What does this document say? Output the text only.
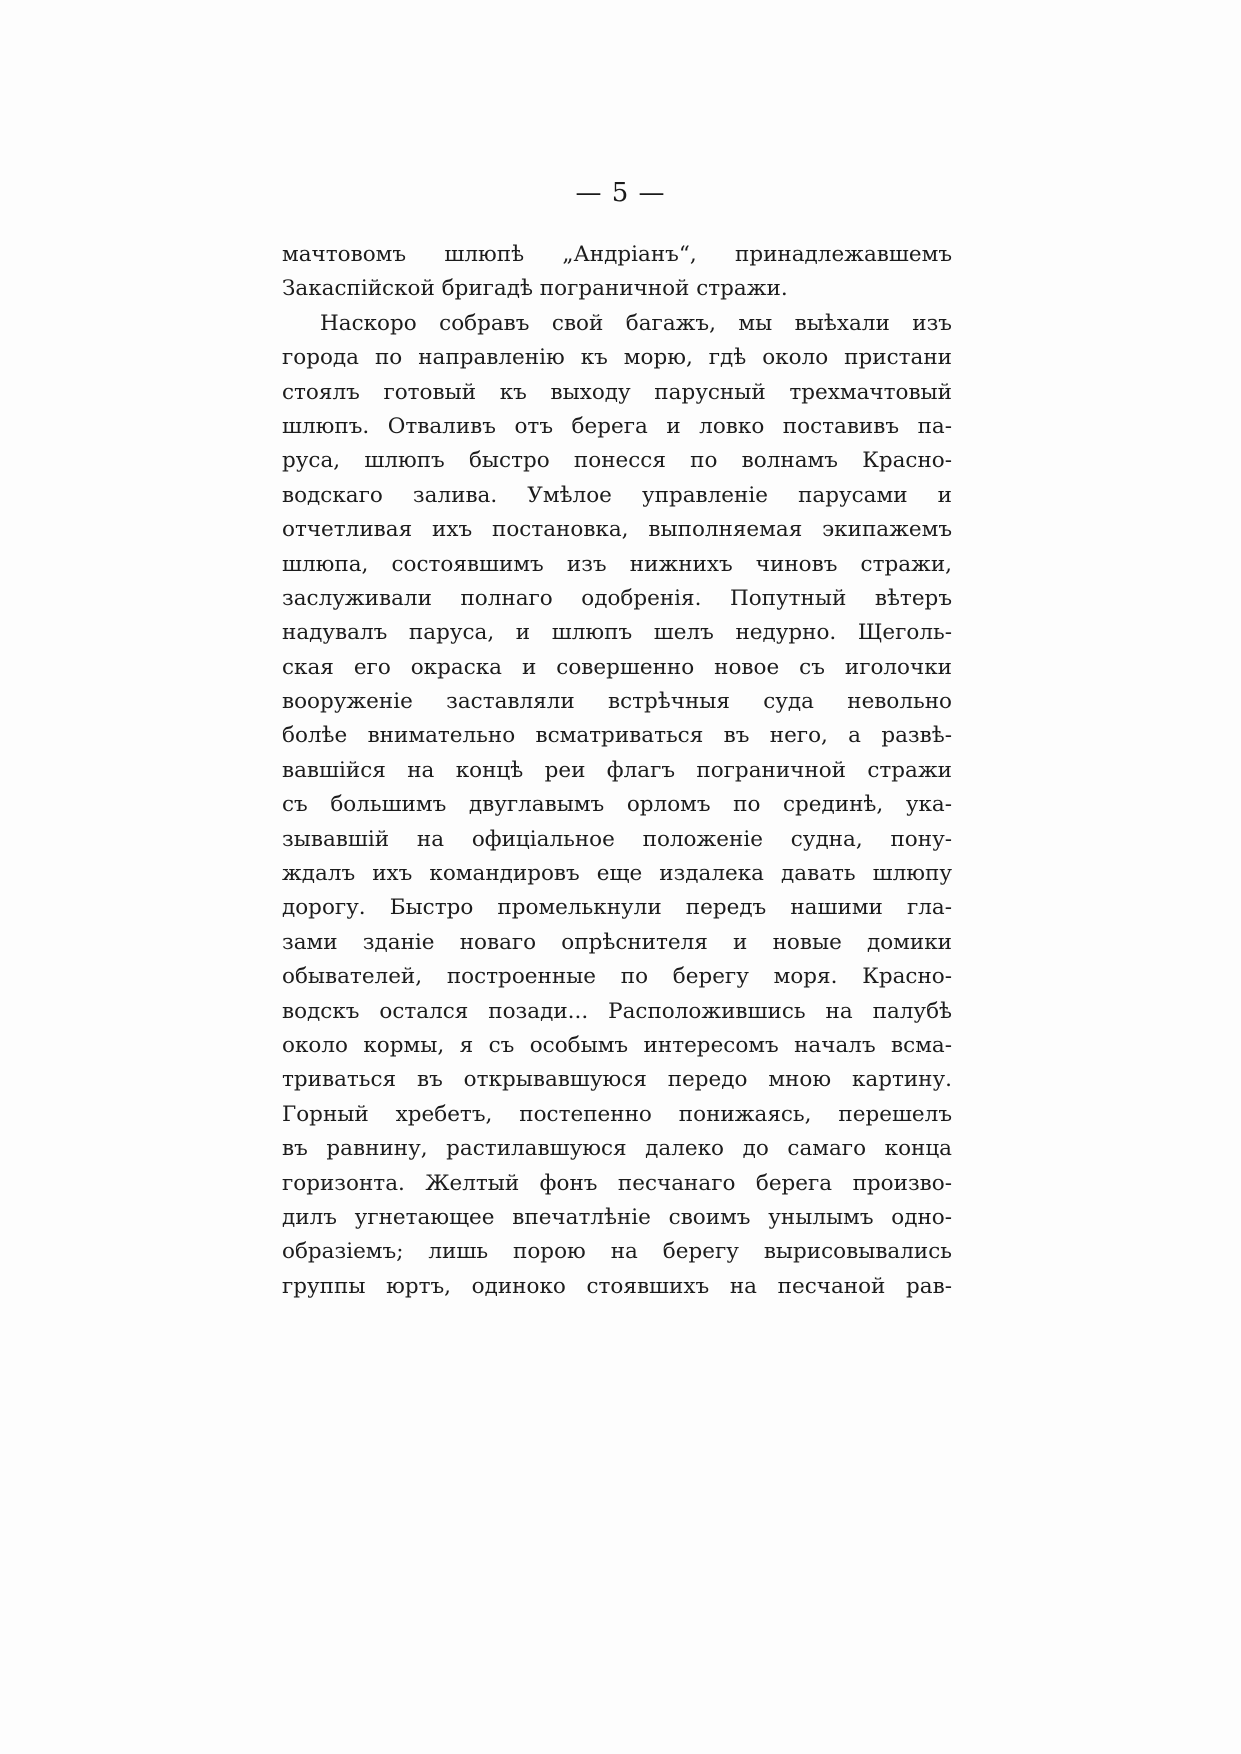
— 5 —
мачтовомъ шлюпѣ „Андріанъ“, принадлежавшемъ
Закаспійской бригадѣ пограничной стражи.
Наскоро собравъ свой багажъ, мы выѣхали изъ
города по направленію къ морю, гдѣ около пристани
стоялъ готовый къ выходу парусный трехмачтовый
шлюпъ. Отваливъ отъ берега и ловко поставивъ па-
руса, шлюпъ быстро понесся по волнамъ Красно-
водскаго залива. Умѣлое управленіе парусами и
отчетливая ихъ постановка, выполняемая экипажемъ
шлюпа, состоявшимъ изъ нижнихъ чиновъ стражи,
заслуживали полнаго одобренія. Попутный вѣтеръ
надувалъ паруса, и шлюпъ шелъ недурно. Щеголь-
ская его окраска и совершенно новое съ иголочки
вооруженіе заставляли встрѣчныя суда невольно
болѣе внимательно всматриваться въ него, а развѣ-
вавшійся на концѣ реи флагъ пограничной стражи
съ большимъ двуглавымъ орломъ по срединѣ, ука-
зывавшій на офиціальное положеніе судна, пону-
ждалъ ихъ командировъ еще издалека давать шлюпу
дорогу. Быстро промелькнули передъ нашими гла-
зами зданіе новаго опрѣснителя и новые домики
обывателей, построенные по берегу моря. Красно-
водскъ остался позади... Расположившись на палубѣ
около кормы, я съ особымъ интересомъ началъ всма-
триваться въ открывавшуюся передо мною картину.
Горный хребетъ, постепенно понижаясь, перешелъ
въ равнину, растилавшуюся далеко до самаго конца
горизонта. Желтый фонъ песчанаго берега произво-
дилъ угнетающее впечатлѣніе своимъ унылымъ одно-
образіемъ; лишь порою на берегу вырисовывались
группы юртъ, одиноко стоявшихъ на песчаной рав-
